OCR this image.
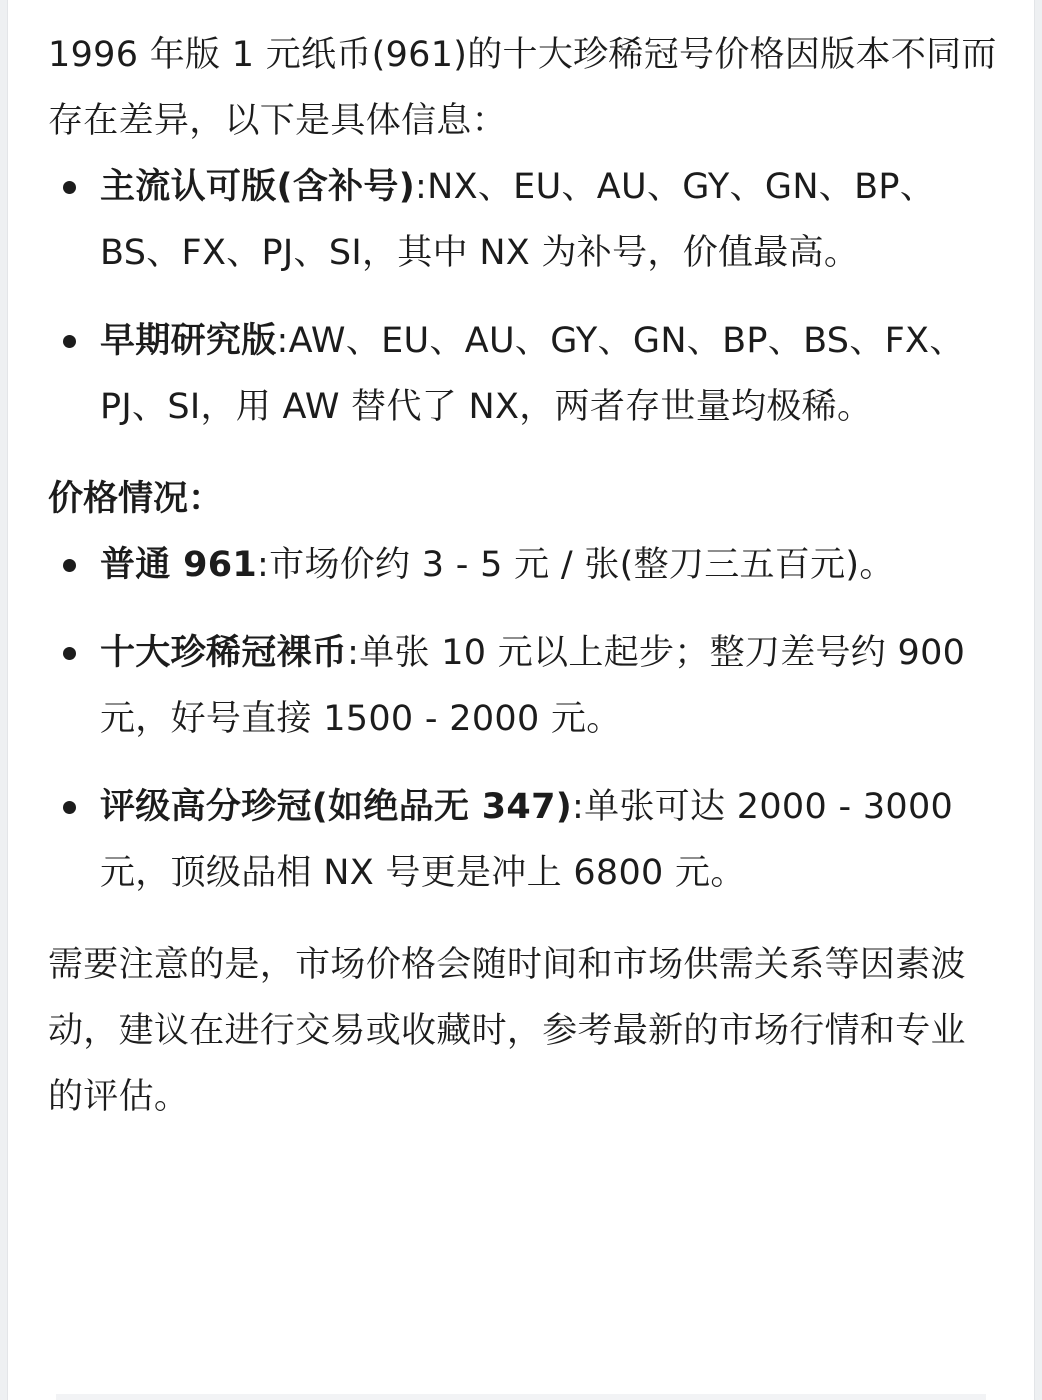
1996 年版 1 元纸币(961)的十大珍稀冠号价格因版本不同而存在差异，以下是具体信息：

主流认可版(含补号):NX、EU、AU、GY、GN、BP、BS、FX、PJ、SI，其中 NX 为补号，价值最高。
早期研究版:AW、EU、AU、GY、GN、BP、BS、FX、PJ、SI，用 AW 替代了 NX，两者存世量均极稀。

价格情况：

普通 961:市场价约 3 - 5 元 / 张(整刀三五百元)。
十大珍稀冠裸币:单张 10 元以上起步；整刀差号约 900 元，好号直接 1500 - 2000 元。
评级高分珍冠(如绝品无 347):单张可达 2000 - 3000 元，顶级品相 NX 号更是冲上 6800 元。

需要注意的是，市场价格会随时间和市场供需关系等因素波动，建议在进行交易或收藏时，参考最新的市场行情和专业的评估。
